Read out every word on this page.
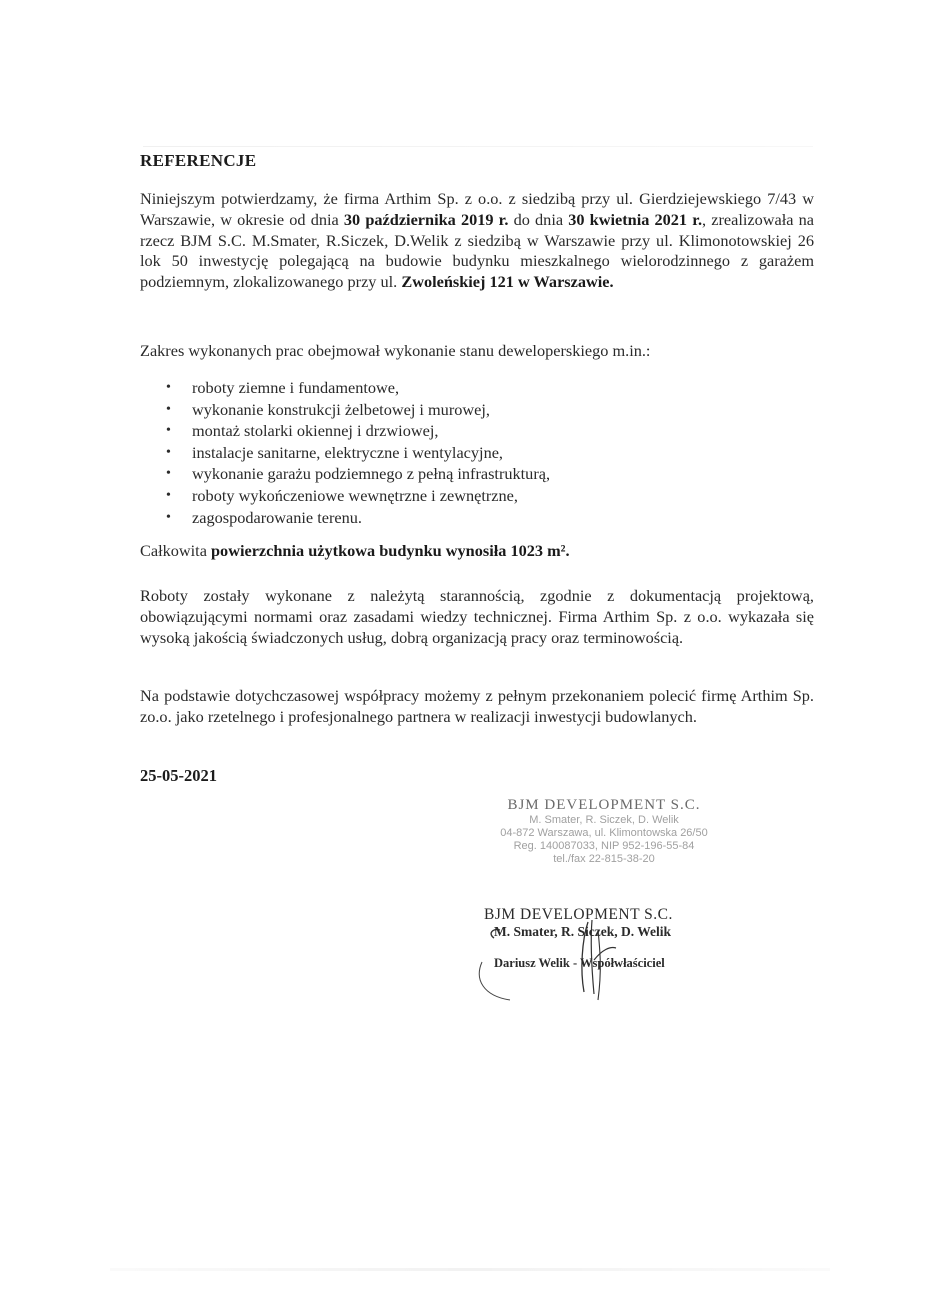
REFERENCJE
Niniejszym potwierdzamy, że firma Arthim Sp. z o.o. z siedzibą przy ul. Gierdziejewskiego 7/43 w Warszawie, w okresie od dnia 30 października 2019 r. do dnia 30 kwietnia 2021 r., zrealizowała na rzecz BJM S.C. M.Smater, R.Siczek, D.Welik z siedzibą w Warszawie przy ul. Klimonotowskiej 26 lok 50 inwestycję polegającą na budowie budynku mieszkalnego wielorodzinnego z garażem podziemnym, zlokalizowanego przy ul. Zwoleńskiej 121 w Warszawie.
Zakres wykonanych prac obejmował wykonanie stanu deweloperskiego m.in.:
• roboty ziemne i fundamentowe,
• wykonanie konstrukcji żelbetowej i murowej,
• montaż stolarki okiennej i drzwiowej,
• instalacje sanitarne, elektryczne i wentylacyjne,
• wykonanie garażu podziemnego z pełną infrastrukturą,
• roboty wykończeniowe wewnętrzne i zewnętrzne,
• zagospodarowanie terenu.
Całkowita powierzchnia użytkowa budynku wynosiła 1023 m².
Roboty zostały wykonane z należytą starannością, zgodnie z dokumentacją projektową, obowiązującymi normami oraz zasadami wiedzy technicznej. Firma Arthim Sp. z o.o. wykazała się wysoką jakością świadczonych usług, dobrą organizacją pracy oraz terminowością.
Na podstawie dotychczasowej współpracy możemy z pełnym przekonaniem polecić firmę Arthim Sp. zo.o. jako rzetelnego i profesjonalnego partnera w realizacji inwestycji budowlanych.
25-05-2021
BJM DEVELOPMENT S.C.
M. Smater, R. Siczek, D. Welik
04-872 Warszawa, ul. Klimontowska 26/50
Reg. 140087033, NIP 952-196-55-84
tel./fax 22-815-38-20
BJM DEVELOPMENT S.C.
M. Smater, R. Siczek, D. Welik
Dariusz Welik - Współwłaściciel
